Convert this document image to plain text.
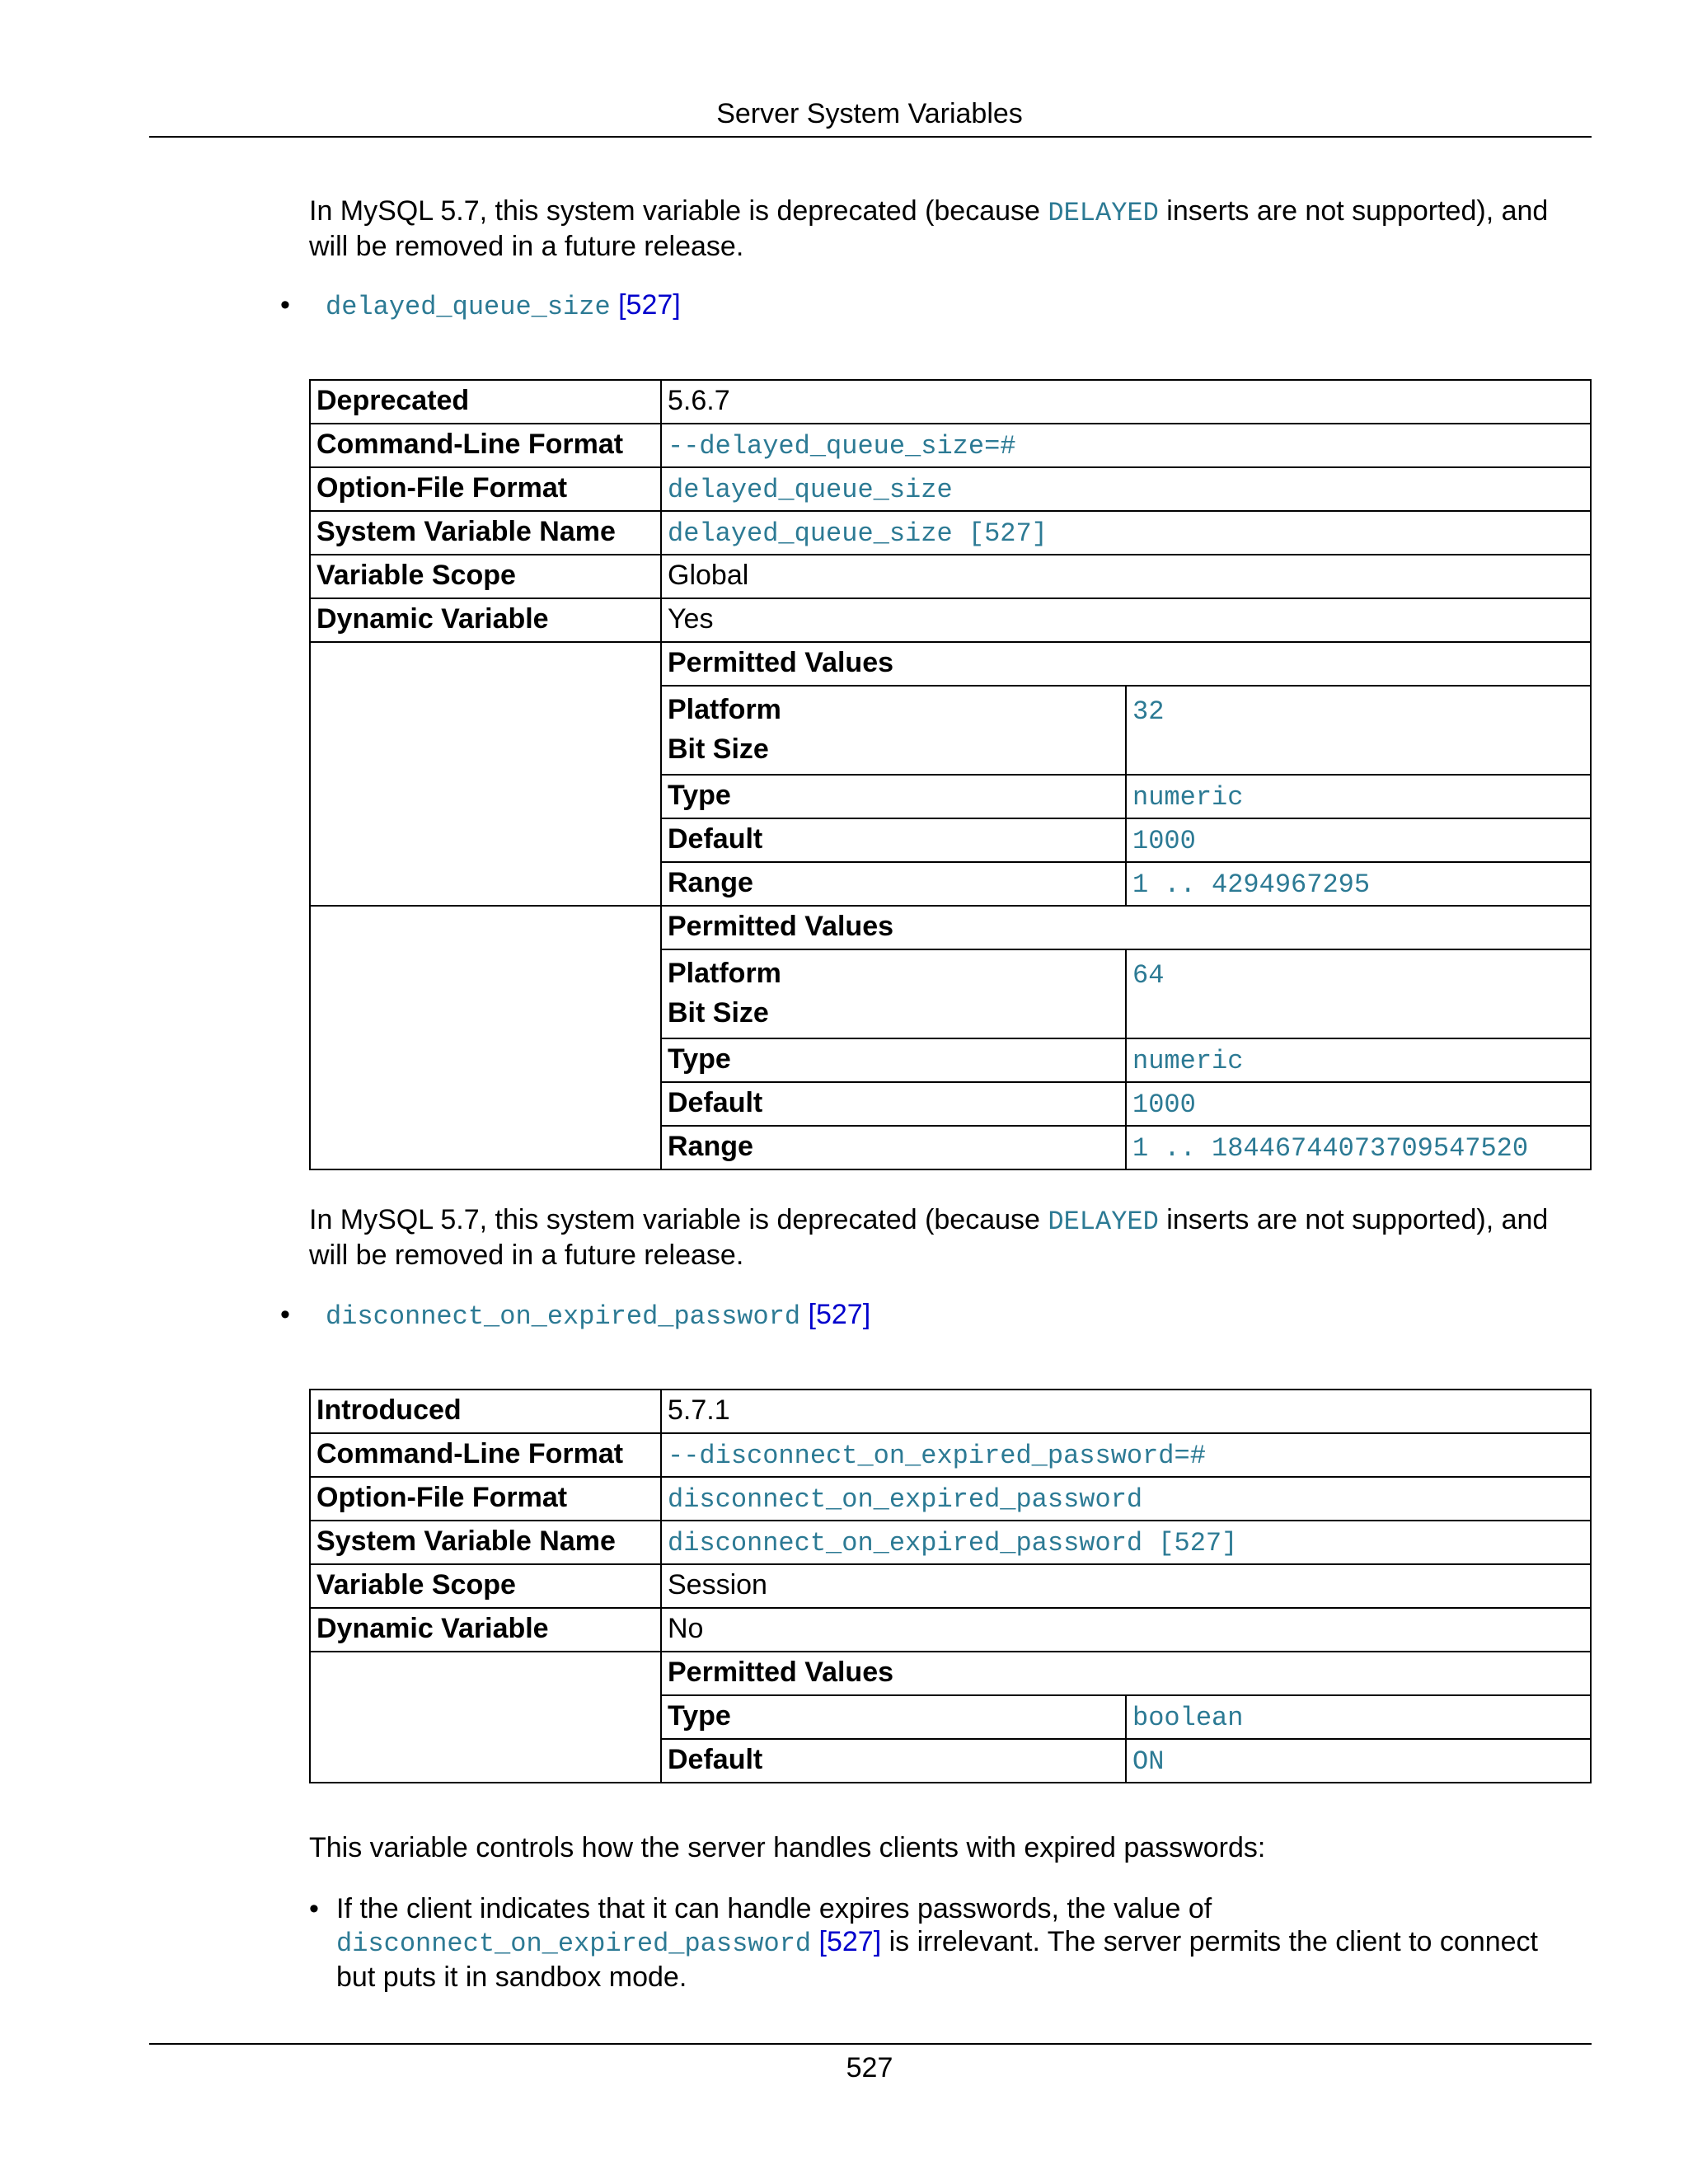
Server System Variables

In MySQL 5.7, this system variable is deprecated (because DELAYED inserts are not supported), and will be removed in a future release.

• delayed_queue_size [527]
Deprecated	5.6.7
Command-Line Format	--delayed_queue_size=#
Option-File Format	delayed_queue_size
System Variable Name	delayed_queue_size [527]
Variable Scope	Global
Dynamic Variable	Yes

Permitted Values
Platform
Bit Size	32
Type	numeric
Default	1000
Range	1 .. 4294967295

Permitted Values
Platform
Bit Size	64
Type	numeric
Default	1000
Range	1 .. 18446744073709547520

In MySQL 5.7, this system variable is deprecated (because DELAYED inserts are not supported), and will be removed in a future release.

• disconnect_on_expired_password [527]
Introduced	5.7.1
Command-Line Format	--disconnect_on_expired_password=#
Option-File Format	disconnect_on_expired_password
System Variable Name	disconnect_on_expired_password [527]
Variable Scope	Session
Dynamic Variable	No

Permitted Values
Type	boolean
Default	ON

This variable controls how the server handles clients with expired passwords:

• If the client indicates that it can handle expires passwords, the value of
disconnect_on_expired_password [527] is irrelevant. The server permits the client to connect
but puts it in sandbox mode.
527
